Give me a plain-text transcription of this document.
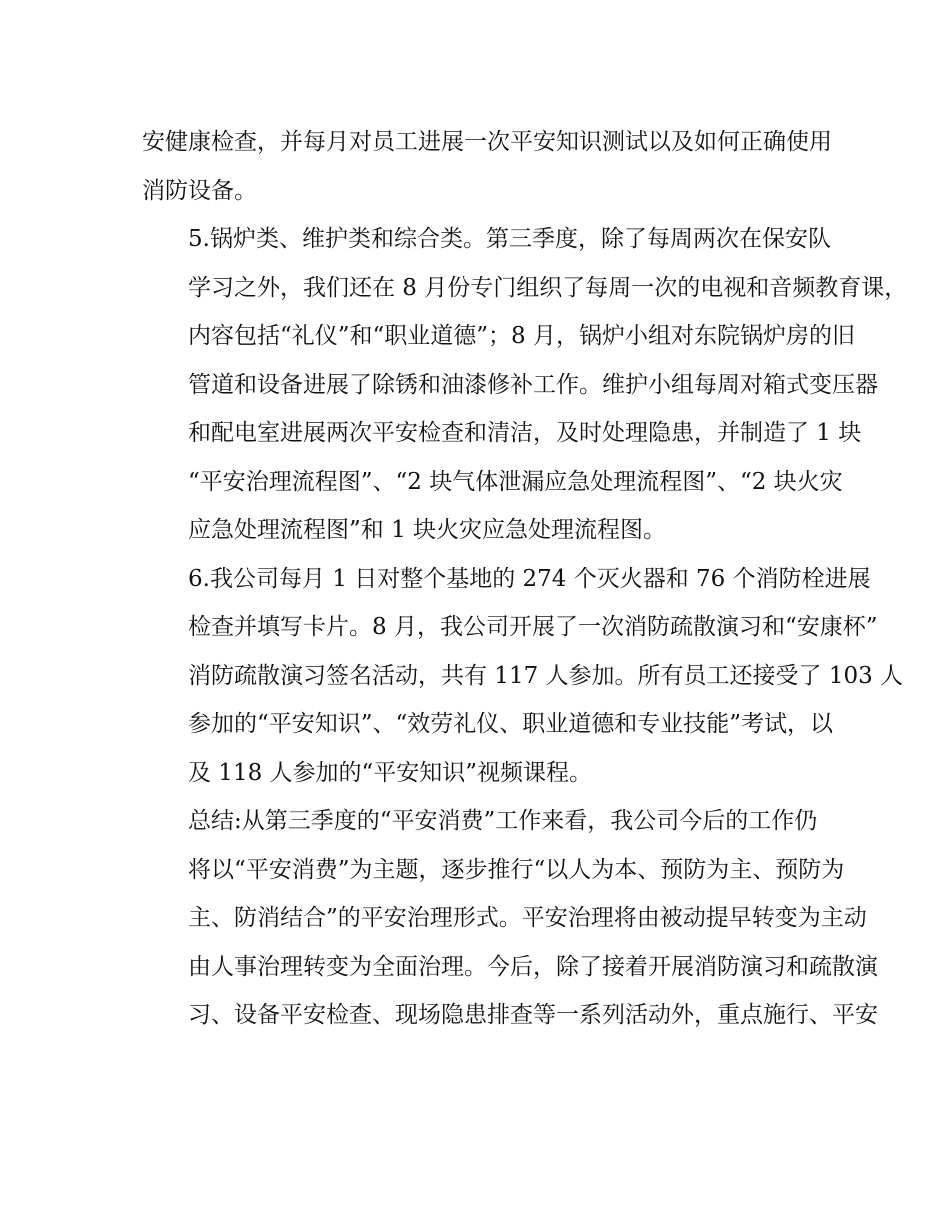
安健康检查，并每月对员工进展一次平安知识测试以及如何正确使用
消防设备。

5.锅炉类、维护类和综合类。第三季度，除了每周两次在保安队
学习之外，我们还在 8 月份专门组织了每周一次的电视和音频教育课，
内容包括“礼仪”和“职业道德”；8 月，锅炉小组对东院锅炉房的旧
管道和设备进展了除锈和油漆修补工作。维护小组每周对箱式变压器
和配电室进展两次平安检查和清洁，及时处理隐患，并制造了 1 块
“平安治理流程图”、“2 块气体泄漏应急处理流程图”、“2 块火灾
应急处理流程图”和 1 块火灾应急处理流程图。

6.我公司每月 1 日对整个基地的 274 个灭火器和 76 个消防栓进展
检查并填写卡片。8 月，我公司开展了一次消防疏散演习和“安康杯”
消防疏散演习签名活动，共有 117 人参加。所有员工还接受了 103 人
参加的“平安知识”、“效劳礼仪、职业道德和专业技能”考试，以
及 118 人参加的“平安知识”视频课程。

总结:从第三季度的“平安消费”工作来看，我公司今后的工作仍
将以“平安消费”为主题，逐步推行“以人为本、预防为主、预防为
主、防消结合”的平安治理形式。平安治理将由被动提早转变为主动
由人事治理转变为全面治理。今后，除了接着开展消防演习和疏散演
习、设备平安检查、现场隐患排查等一系列活动外，重点施行、平安
